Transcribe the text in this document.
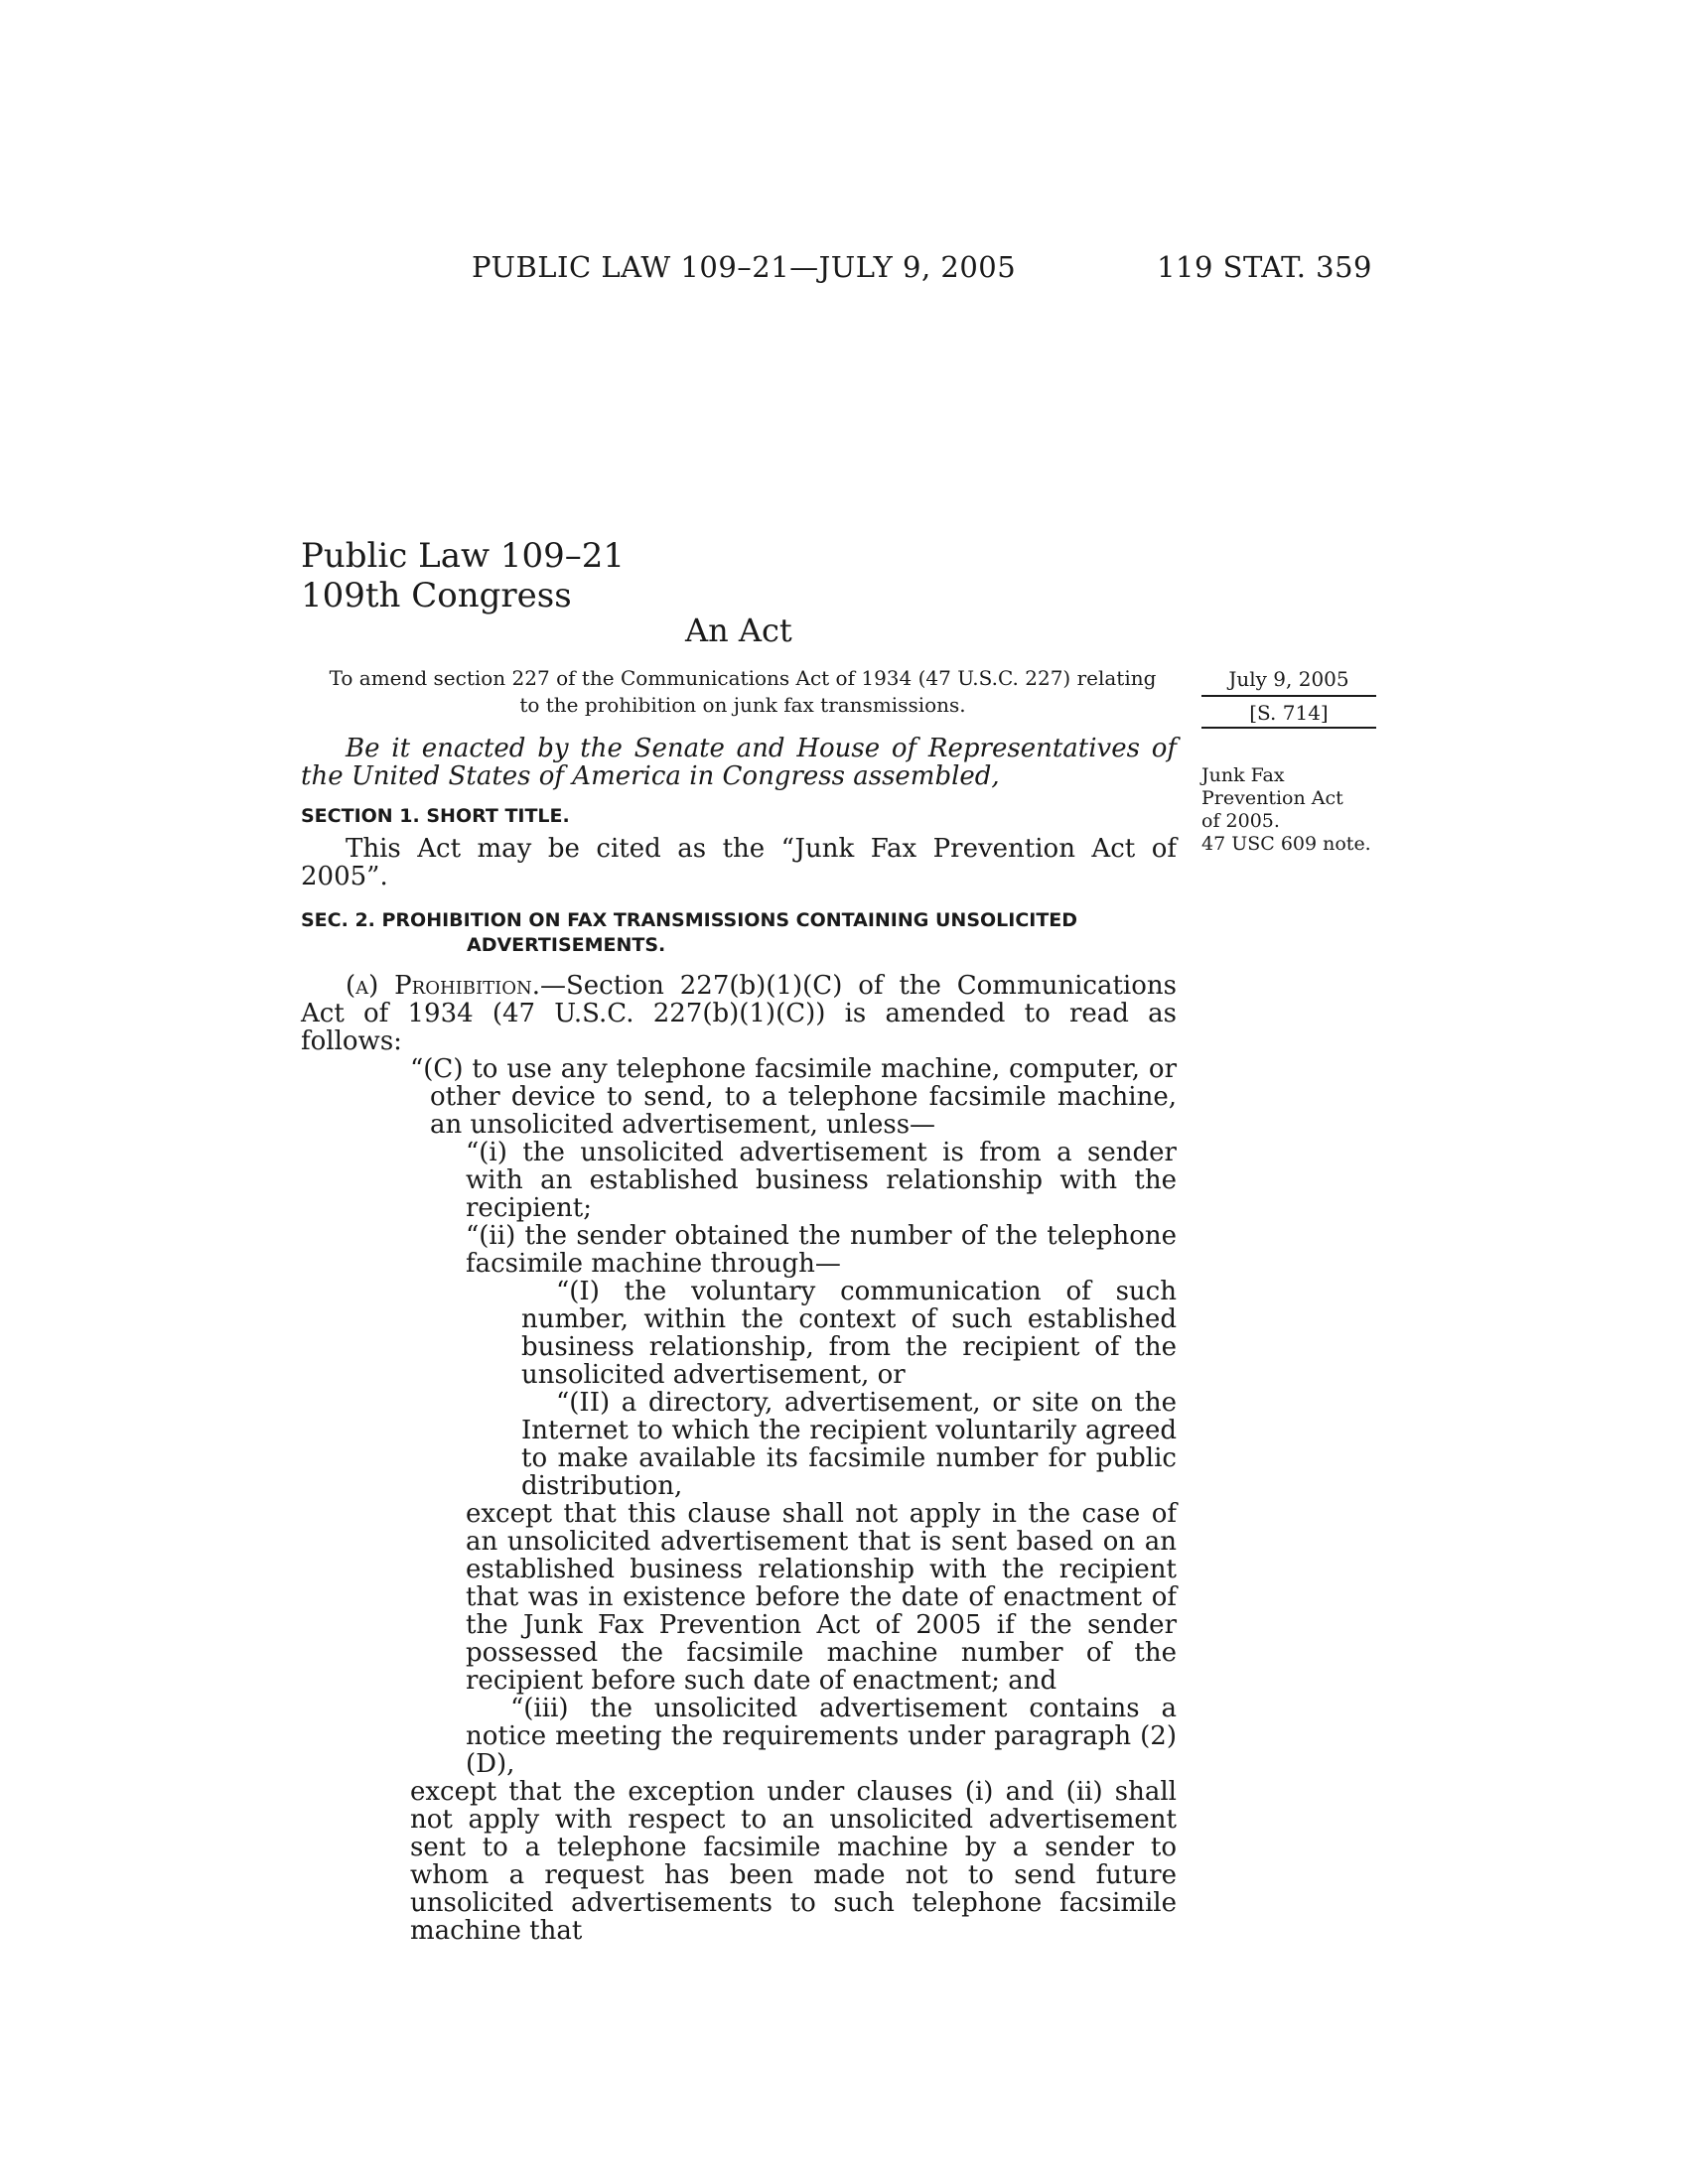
PUBLIC LAW 109–21—JULY 9, 2005	119 STAT. 359
Public Law 109–21
109th Congress
An Act
To amend section 227 of the Communications Act of 1934 (47 U.S.C. 227) relating
to the prohibition on junk fax transmissions.
July 9, 2005
[S. 714]
Junk Fax
Prevention Act
of 2005.
47 USC 609 note.

Be it enacted by the Senate and House of Representatives of the United States of America in Congress assembled,

SECTION 1. SHORT TITLE.

This Act may be cited as the “Junk Fax Prevention Act of 2005”.

SEC. 2. PROHIBITION ON FAX TRANSMISSIONS CONTAINING UNSOLICITED ADVERTISEMENTS.

(a) Prohibition.—Section 227(b)(1)(C) of the Communications Act of 1934 (47 U.S.C. 227(b)(1)(C)) is amended to read as follows:

“(C) to use any telephone facsimile machine, computer, or other device to send, to a telephone facsimile machine, an unsolicited advertisement, unless—

“(i) the unsolicited advertisement is from a sender with an established business relationship with the recipient;

“(ii) the sender obtained the number of the telephone facsimile machine through—

“(I) the voluntary communication of such number, within the context of such established business relationship, from the recipient of the unsolicited advertisement, or

“(II) a directory, advertisement, or site on the Internet to which the recipient voluntarily agreed to make available its facsimile number for public distribution,

except that this clause shall not apply in the case of an unsolicited advertisement that is sent based on an established business relationship with the recipient that was in existence before the date of enactment of the Junk Fax Prevention Act of 2005 if the sender possessed the facsimile machine number of the recipient before such date of enactment; and

“(iii) the unsolicited advertisement contains a notice meeting the requirements under paragraph (2)(D),

except that the exception under clauses (i) and (ii) shall not apply with respect to an unsolicited advertisement sent to a telephone facsimile machine by a sender to whom a request has been made not to send future unsolicited advertisements to such telephone facsimile machine that
